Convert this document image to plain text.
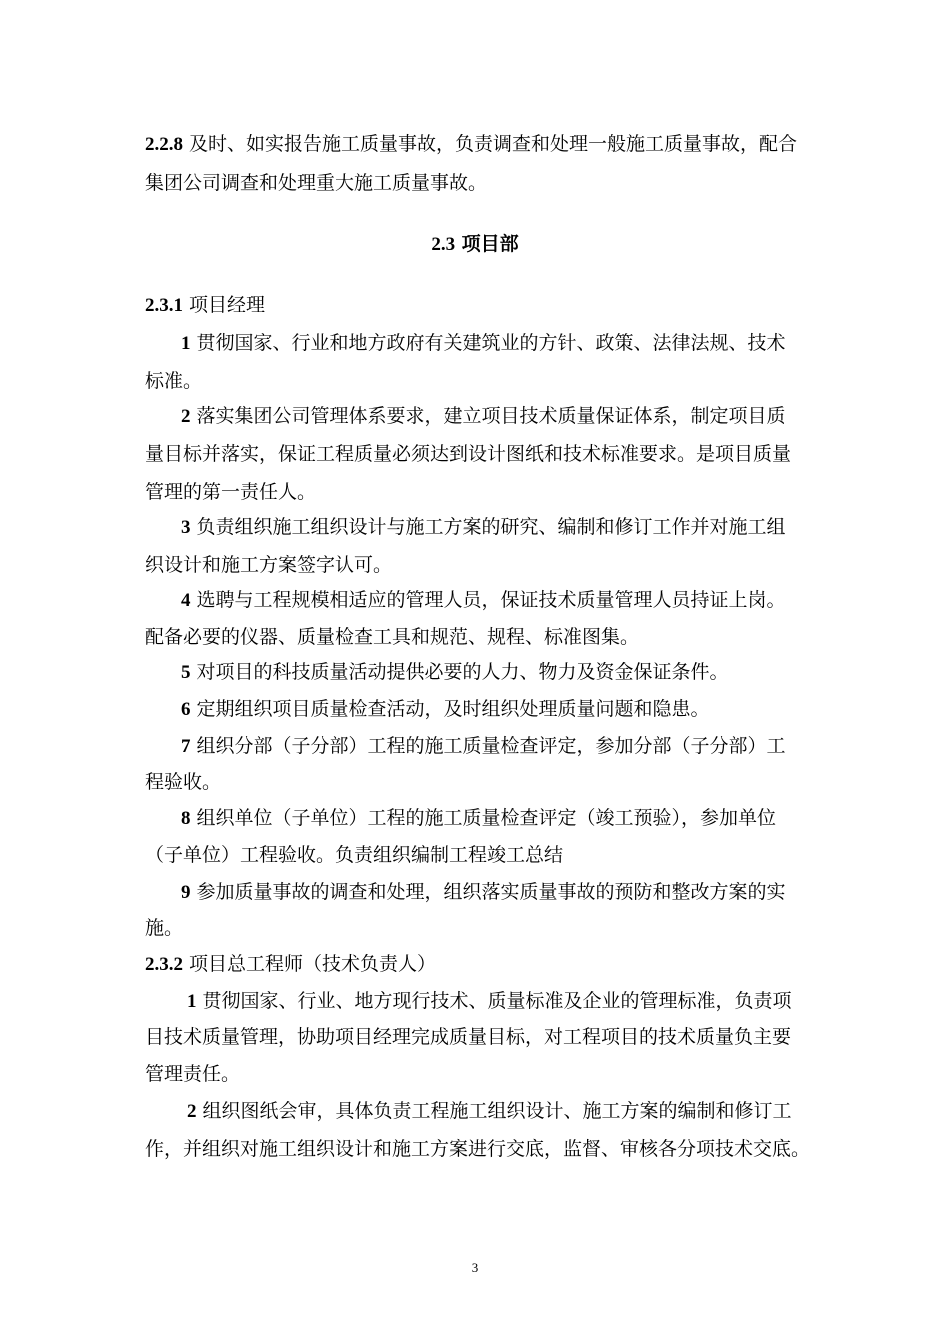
2.2.8 及时、如实报告施工质量事故，负责调查和处理一般施工质量事故，配合
集团公司调查和处理重大施工质量事故。
2.3 项目部
2.3.1 项目经理
1 贯彻国家、行业和地方政府有关建筑业的方针、政策、法律法规、技术
标准。
2 落实集团公司管理体系要求，建立项目技术质量保证体系，制定项目质
量目标并落实，保证工程质量必须达到设计图纸和技术标准要求。是项目质量
管理的第一责任人。
3 负责组织施工组织设计与施工方案的研究、编制和修订工作并对施工组
织设计和施工方案签字认可。
4 选聘与工程规模相适应的管理人员，保证技术质量管理人员持证上岗。
配备必要的仪器、质量检查工具和规范、规程、标准图集。
5 对项目的科技质量活动提供必要的人力、物力及资金保证条件。
6 定期组织项目质量检查活动，及时组织处理质量问题和隐患。
7 组织分部（子分部）工程的施工质量检查评定，参加分部（子分部）工
程验收。
8 组织单位（子单位）工程的施工质量检查评定（竣工预验），参加单位
（子单位）工程验收。负责组织编制工程竣工总结
9 参加质量事故的调查和处理，组织落实质量事故的预防和整改方案的实
施。
2.3.2 项目总工程师（技术负责人）
1 贯彻国家、行业、地方现行技术、质量标准及企业的管理标准，负责项
目技术质量管理，协助项目经理完成质量目标，对工程项目的技术质量负主要
管理责任。
2 组织图纸会审，具体负责工程施工组织设计、施工方案的编制和修订工
作，并组织对施工组织设计和施工方案进行交底，监督、审核各分项技术交底。
3
